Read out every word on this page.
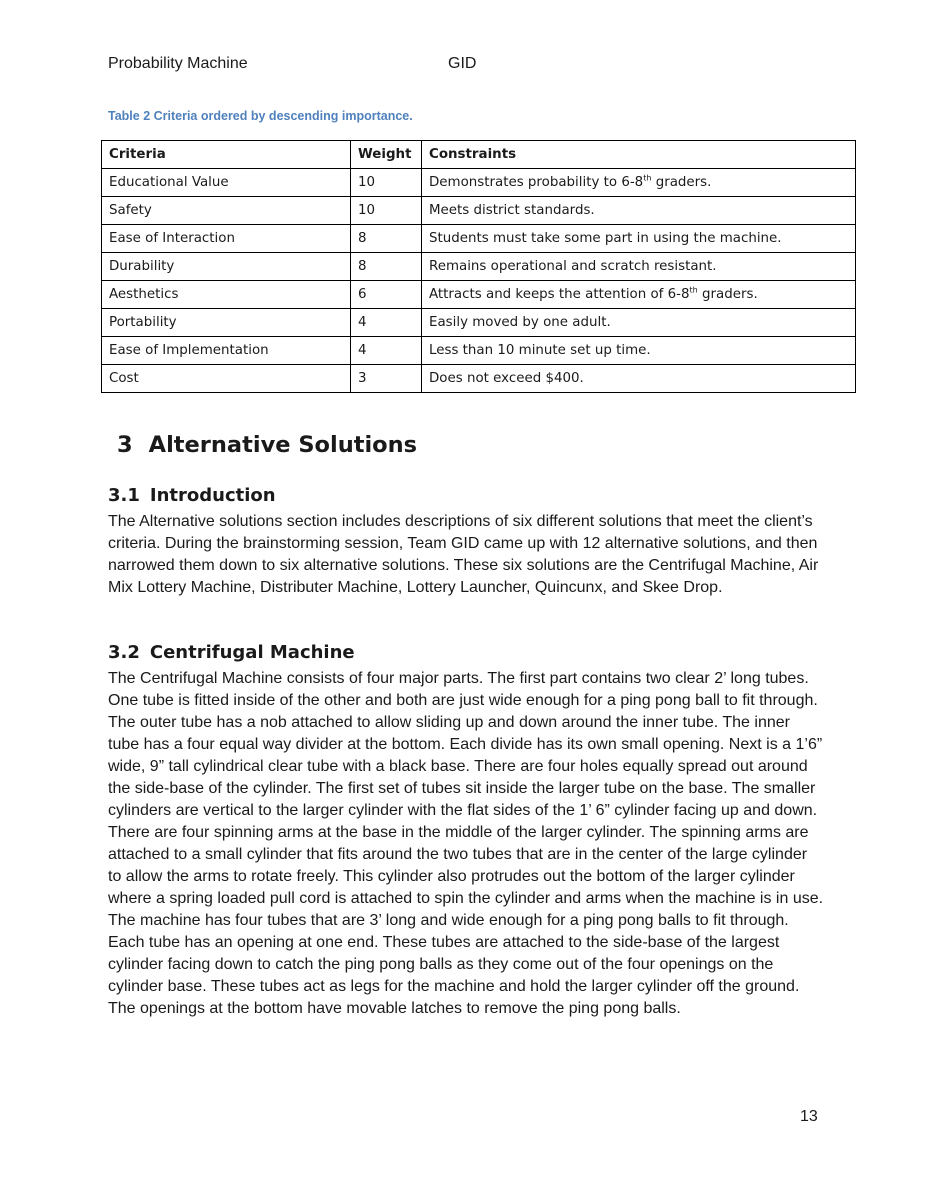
Probability Machine	GID
Table 2 Criteria ordered by descending importance.
Criteria	Weight	Constraints
Educational Value	10	Demonstrates probability to 6-8th graders.
Safety	10	Meets district standards.
Ease of Interaction	8	Students must take some part in using the machine.
Durability	8	Remains operational and scratch resistant.
Aesthetics	6	Attracts and keeps the attention of 6-8th graders.
Portability	4	Easily moved by one adult.
Ease of Implementation	4	Less than 10 minute set up time.
Cost	3	Does not exceed $400.
3 Alternative Solutions
3.1 Introduction

The Alternative solutions section includes descriptions of six different solutions that meet the client’s criteria. During the brainstorming session, Team GID came up with 12 alternative solutions, and then narrowed them down to six alternative solutions. These six solutions are the Centrifugal Machine, Air Mix Lottery Machine, Distributer Machine, Lottery Launcher, Quincunx, and Skee Drop.

3.2 Centrifugal Machine

The Centrifugal Machine consists of four major parts. The first part contains two clear 2’ long tubes. One tube is fitted inside of the other and both are just wide enough for a ping pong ball to fit through. The outer tube has a nob attached to allow sliding up and down around the inner tube. The inner tube has a four equal way divider at the bottom. Each divide has its own small opening. Next is a 1’6” wide, 9” tall cylindrical clear tube with a black base. There are four holes equally spread out around the side-base of the cylinder. The first set of tubes sit inside the larger tube on the base. The smaller cylinders are vertical to the larger cylinder with the flat sides of the 1’ 6” cylinder facing up and down. There are four spinning arms at the base in the middle of the larger cylinder. The spinning arms are attached to a small cylinder that fits around the two tubes that are in the center of the large cylinder to allow the arms to rotate freely. This cylinder also protrudes out the bottom of the larger cylinder where a spring loaded pull cord is attached to spin the cylinder and arms when the machine is in use. The machine has four tubes that are 3’ long and wide enough for a ping pong balls to fit through. Each tube has an opening at one end. These tubes are attached to the side-base of the largest cylinder facing down to catch the ping pong balls as they come out of the four openings on the cylinder base. These tubes act as legs for the machine and hold the larger cylinder off the ground. The openings at the bottom have movable latches to remove the ping pong balls.

13
